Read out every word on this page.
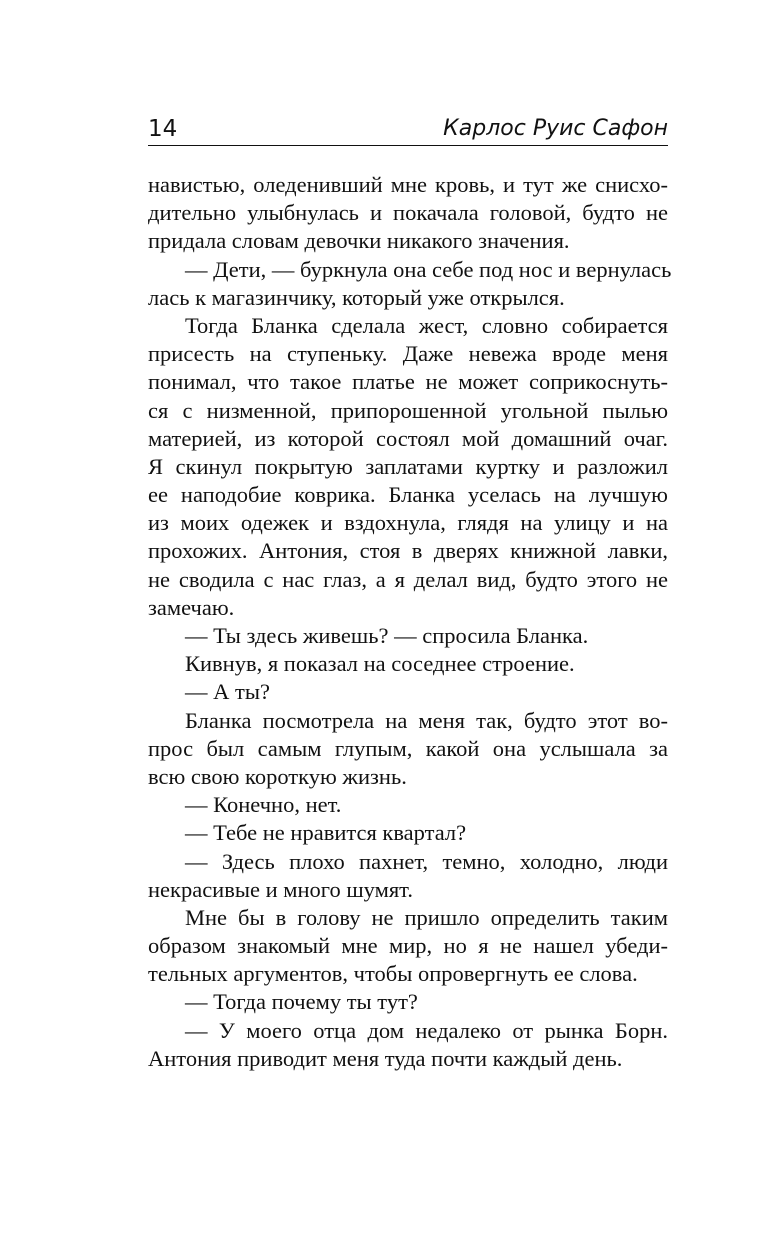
14	Карлос Руис Сафон
навистью, оледенивший мне кровь, и тут же снисхо-
дительно улыбнулась и покачала головой, будто не
придала словам девочки никакого значения.
— Дети, — буркнула она себе под нос и вернулась
лась к магазинчику, который уже открылся.
Тогда Бланка сделала жест, словно собирается
присесть на ступеньку. Даже невежа вроде меня
понимал, что такое платье не может соприкоснуть-
ся с низменной, припорошенной угольной пылью
материей, из которой состоял мой домашний очаг.
Я скинул покрытую заплатами куртку и разложил
ее наподобие коврика. Бланка уселась на лучшую
из моих одежек и вздохнула, глядя на улицу и на
прохожих. Антония, стоя в дверях книжной лавки,
не сводила с нас глаз, а я делал вид, будто этого не
замечаю.
— Ты здесь живешь? — спросила Бланка.
Кивнув, я показал на соседнее строение.
— А ты?
Бланка посмотрела на меня так, будто этот во-
прос был самым глупым, какой она услышала за
всю свою короткую жизнь.
— Конечно, нет.
— Тебе не нравится квартал?
— Здесь плохо пахнет, темно, холодно, люди
некрасивые и много шумят.
Мне бы в голову не пришло определить таким
образом знакомый мне мир, но я не нашел убеди-
тельных аргументов, чтобы опровергнуть ее слова.
— Тогда почему ты тут?
— У моего отца дом недалеко от рынка Борн.
Антония приводит меня туда почти каждый день.
